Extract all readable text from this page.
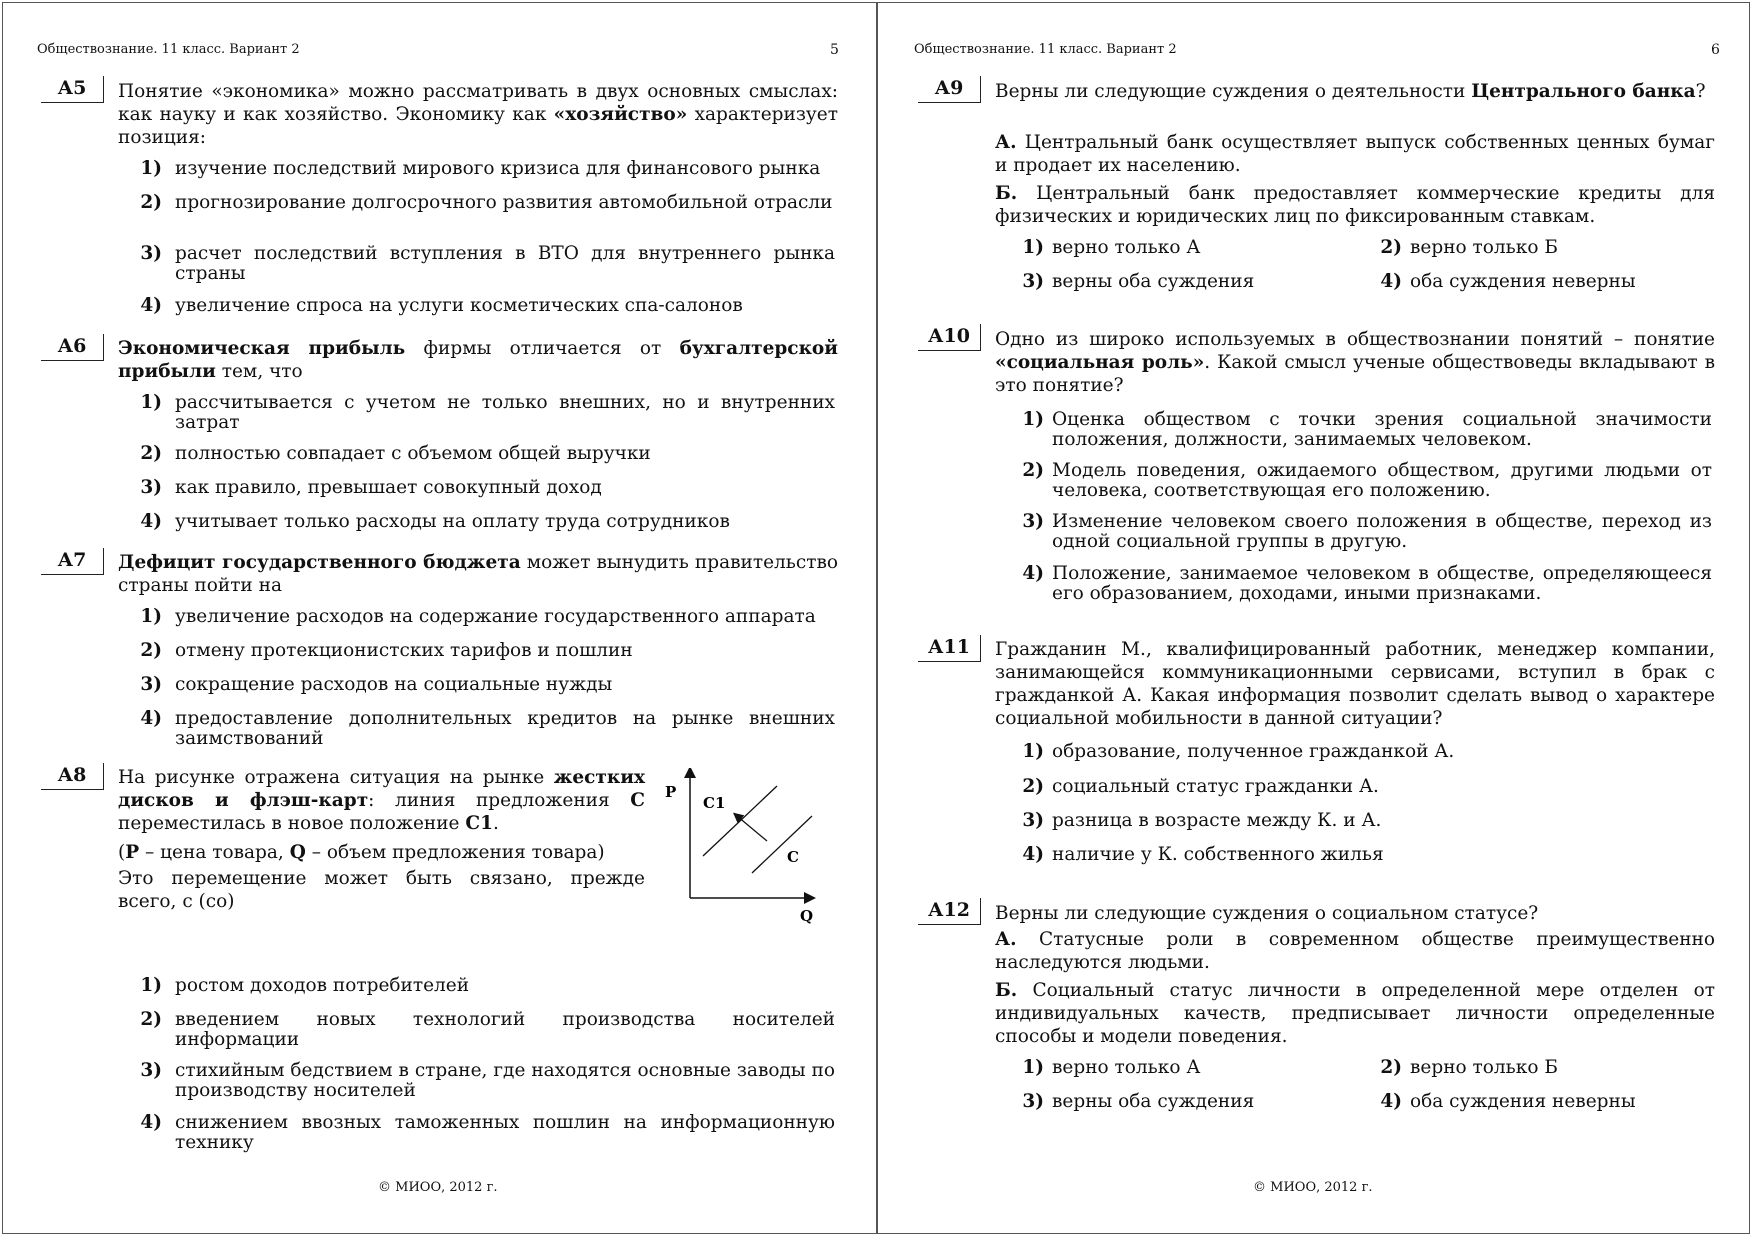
Обществознание. 11 класс. Вариант 2	5
А5	Понятие «экономика» можно рассматривать в двух основных смыслах: как науку и как хозяйство. Экономику как «хозяйство» характеризует позиция:
1) изучение последствий мирового кризиса для финансового рынка
2) прогнозирование долгосрочного развития автомобильной отрасли
3) расчет последствий вступления в ВТО для внутреннего рынка страны
4) увеличение спроса на услуги косметических спа-салонов
А6	Экономическая прибыль фирмы отличается от бухгалтерской прибыли тем, что
1) рассчитывается с учетом не только внешних, но и внутренних затрат
2) полностью совпадает с объемом общей выручки
3) как правило, превышает совокупный доход
4) учитывает только расходы на оплату труда сотрудников
А7	Дефицит государственного бюджета может вынудить правительство страны пойти на
1) увеличение расходов на содержание государственного аппарата
2) отмену протекционистских тарифов и пошлин
3) сокращение расходов на социальные нужды
4) предоставление дополнительных кредитов на рынке внешних заимствований
А8	На рисунке отражена ситуация на рынке жестких дисков и флэш-карт: линия предложения С переместилась в новое положение С1.
(Р – цена товара, Q – объем предложения товара)
Это перемещение может быть связано, прежде всего, с (со)
P
C1
C
Q
1) ростом доходов потребителей
2) введением новых технологий производства носителей информации
3) стихийным бедствием в стране, где находятся основные заводы по производству носителей
4) снижением ввозных таможенных пошлин на информационную технику
© МИОО, 2012 г.
Обществознание. 11 класс. Вариант 2	6
А9	Верны ли следующие суждения о деятельности Центрального банка?
А. Центральный банк осуществляет выпуск собственных ценных бумаг и продает их населению.
Б. Центральный банк предоставляет коммерческие кредиты для физических и юридических лиц по фиксированным ставкам.
1) верно только А	2) верно только Б
3) верны оба суждения	4) оба суждения неверны
А10	Одно из широко используемых в обществознании понятий – понятие «социальная роль». Какой смысл ученые обществоведы вкладывают в это понятие?
1) Оценка обществом с точки зрения социальной значимости положения, должности, занимаемых человеком.
2) Модель поведения, ожидаемого обществом, другими людьми от человека, соответствующая его положению.
3) Изменение человеком своего положения в обществе, переход из одной социальной группы в другую.
4) Положение, занимаемое человеком в обществе, определяющееся его образованием, доходами, иными признаками.
А11	Гражданин М., квалифицированный работник, менеджер компании, занимающейся коммуникационными сервисами, вступил в брак с гражданкой А. Какая информация позволит сделать вывод о характере социальной мобильности в данной ситуации?
1) образование, полученное гражданкой А.
2) социальный статус гражданки А.
3) разница в возрасте между К. и А.
4) наличие у К. собственного жилья
А12	Верны ли следующие суждения о социальном статусе?
А. Статусные роли в современном обществе преимущественно наследуются людьми.
Б. Социальный статус личности в определенной мере отделен от индивидуальных качеств, предписывает личности определенные способы и модели поведения.
1) верно только А	2) верно только Б
3) верны оба суждения	4) оба суждения неверны
© МИОО, 2012 г.
